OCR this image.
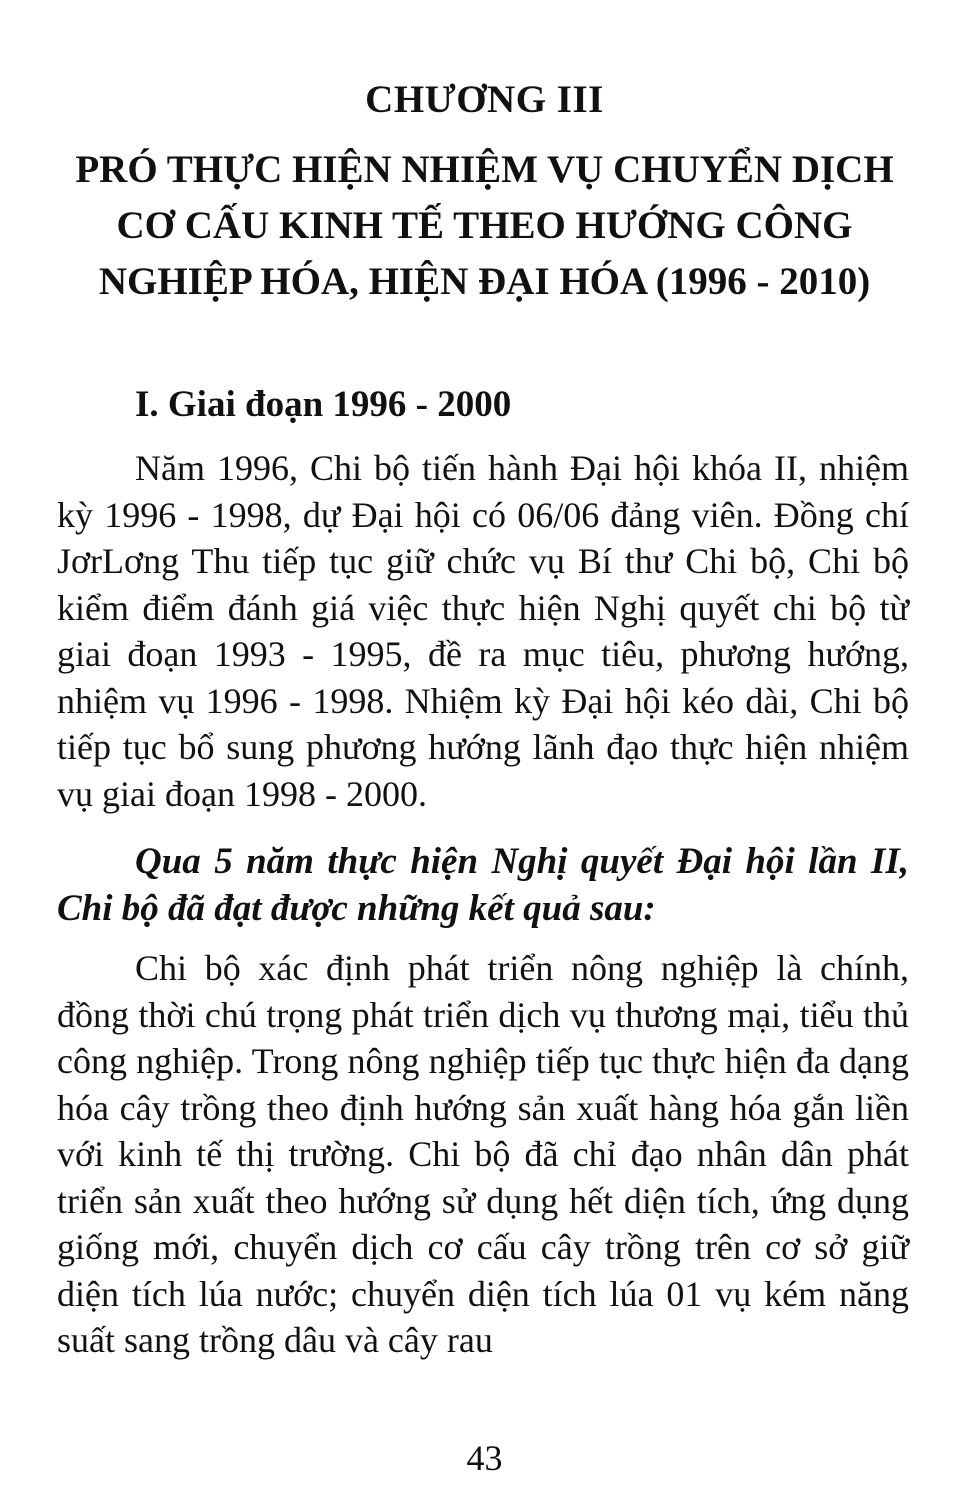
CHƯƠNG III
PRÓ THỰC HIỆN NHIỆM VỤ CHUYỂN DỊCH CƠ CẤU KINH TẾ THEO HƯỚNG CÔNG NGHIỆP HÓA, HIỆN ĐẠI HÓA (1996 - 2010)
I. Giai đoạn 1996 - 2000

Năm 1996, Chi bộ tiến hành Đại hội khóa II, nhiệm kỳ 1996 - 1998, dự Đại hội có 06/06 đảng viên. Đồng chí JơrLơng Thu tiếp tục giữ chức vụ Bí thư Chi bộ, Chi bộ kiểm điểm đánh giá việc thực hiện Nghị quyết chi bộ từ giai đoạn 1993 - 1995, đề ra mục tiêu, phương hướng, nhiệm vụ 1996 - 1998. Nhiệm kỳ Đại hội kéo dài, Chi bộ tiếp tục bổ sung phương hướng lãnh đạo thực hiện nhiệm vụ giai đoạn 1998 - 2000.

Qua 5 năm thực hiện Nghị quyết Đại hội lần II, Chi bộ đã đạt được những kết quả sau:

Chi bộ xác định phát triển nông nghiệp là chính, đồng thời chú trọng phát triển dịch vụ thương mại, tiểu thủ công nghiệp. Trong nông nghiệp tiếp tục thực hiện đa dạng hóa cây trồng theo định hướng sản xuất hàng hóa gắn liền với kinh tế thị trường. Chi bộ đã chỉ đạo nhân dân phát triển sản xuất theo hướng sử dụng hết diện tích, ứng dụng giống mới, chuyển dịch cơ cấu cây trồng trên cơ sở giữ diện tích lúa nước; chuyển diện tích lúa 01 vụ kém năng suất sang trồng dâu và cây rau

43
